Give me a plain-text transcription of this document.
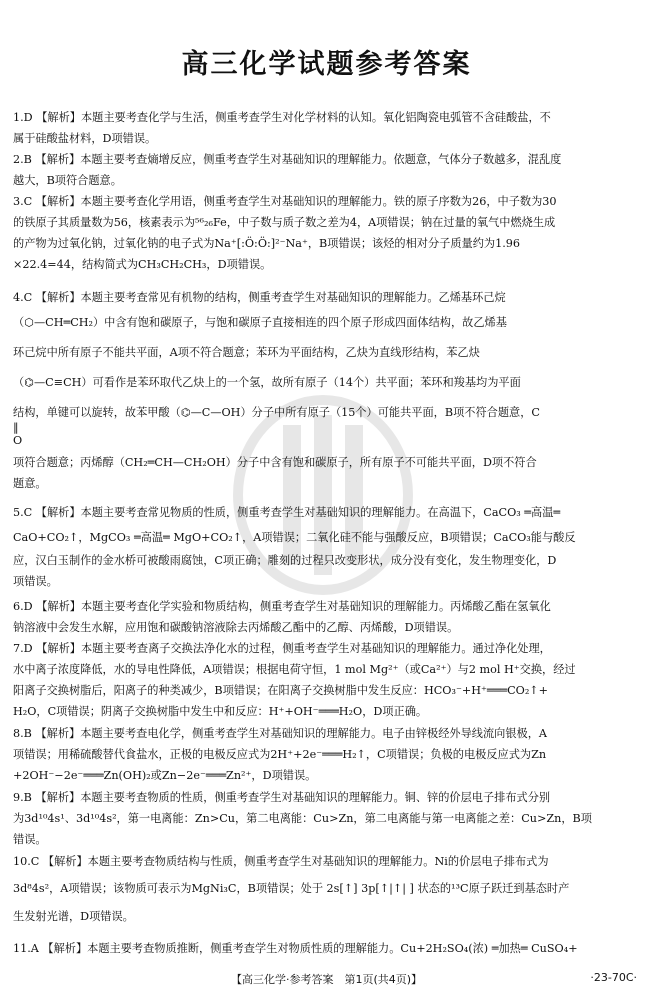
高三化学试题参考答案
1.D 【解析】本题主要考查化学与生活，侧重考查学生对化学材料的认知。氧化铝陶瓷电弧管不含硅酸盐，不
属于硅酸盐材料，D项错误。
2.B 【解析】本题主要考查熵增反应，侧重考查学生对基础知识的理解能力。依题意，气体分子数越多，混乱度
越大，B项符合题意。
3.C 【解析】本题主要考查化学用语，侧重考查学生对基础知识的理解能力。铁的原子序数为26，中子数为30
的铁原子其质量数为56，核素表示为⁵⁶₂₆Fe，中子数与质子数之差为4，A项错误；钠在过量的氧气中燃烧生成
的产物为过氧化钠，过氧化钠的电子式为Na⁺[:Ö:Ö:]²⁻Na⁺，B项错误；该烃的相对分子质量约为1.96
×22.4=44，结构简式为CH₃CH₂CH₃，D项错误。
4.C 【解析】本题主要考查常见有机物的结构，侧重考查学生对基础知识的理解能力。乙烯基环己烷
（⬡—CH═CH₂）中含有饱和碳原子，与饱和碳原子直接相连的四个原子形成四面体结构，故乙烯基
环己烷中所有原子不能共平面，A项不符合题意；苯环为平面结构，乙炔为直线形结构，苯乙炔
（⌬—C≡CH）可看作是苯环取代乙炔上的一个氢，故所有原子（14个）共平面；苯环和羧基均为平面
结构，单键可以旋转，故苯甲酸（⌬—C—OH）分子中所有原子（15个）可能共平面，B项不符合题意，C
‖
O
项符合题意；丙烯醇（CH₂═CH—CH₂OH）分子中含有饱和碳原子，所有原子不可能共平面，D项不符合
题意。
5.C 【解析】本题主要考查常见物质的性质，侧重考查学生对基础知识的理解能力。在高温下，CaCO₃ ═高温═
CaO+CO₂↑，MgCO₃ ═高温═ MgO+CO₂↑，A项错误；二氧化硅不能与强酸反应，B项错误；CaCO₃能与酸反
应，汉白玉制作的金水桥可被酸雨腐蚀，C项正确；雕刻的过程只改变形状，成分没有变化，发生物理变化，D
项错误。
6.D 【解析】本题主要考查化学实验和物质结构，侧重考查学生对基础知识的理解能力。丙烯酸乙酯在氢氧化
钠溶液中会发生水解，应用饱和碳酸钠溶液除去丙烯酸乙酯中的乙醇、丙烯酸，D项错误。
7.D 【解析】本题主要考查离子交换法净化水的过程，侧重考查学生对基础知识的理解能力。通过净化处理，
水中离子浓度降低，水的导电性降低，A项错误；根据电荷守恒，1 mol Mg²⁺（或Ca²⁺）与2 mol H⁺交换，经过
阳离子交换树脂后，阳离子的种类减少，B项错误；在阳离子交换树脂中发生反应：HCO₃⁻+H⁺═══CO₂↑+
H₂O，C项错误；阴离子交换树脂中发生中和反应：H⁺+OH⁻═══H₂O，D项正确。
8.B 【解析】本题主要考查电化学，侧重考查学生对基础知识的理解能力。电子由锌极经外导线流向银极，A
项错误；用稀硫酸替代食盐水，正极的电极反应式为2H⁺+2e⁻═══H₂↑，C项错误；负极的电极反应式为Zn
+2OH⁻−2e⁻═══Zn(OH)₂或Zn−2e⁻═══Zn²⁺，D项错误。
9.B 【解析】本题主要考查物质的性质，侧重考查学生对基础知识的理解能力。铜、锌的价层电子排布式分别
为3d¹⁰4s¹、3d¹⁰4s²，第一电离能：Zn>Cu，第二电离能：Cu>Zn，第二电离能与第一电离能之差：Cu>Zn，B项
错误。
10.C 【解析】本题主要考查物质结构与性质，侧重考查学生对基础知识的理解能力。Ni的价层电子排布式为
3d⁸4s²，A项错误；该物质可表示为MgNi₃C，B项错误；处于 2s[↑] 3p[↑|↑| ] 状态的¹³C原子跃迁到基态时产
生发射光谱，D项错误。
11.A 【解析】本题主要考查物质推断，侧重考查学生对物质性质的理解能力。Cu+2H₂SO₄(浓) ═加热═ CuSO₄+
【高三化学·参考答案　第1页(共4页)】	·23-70C·
